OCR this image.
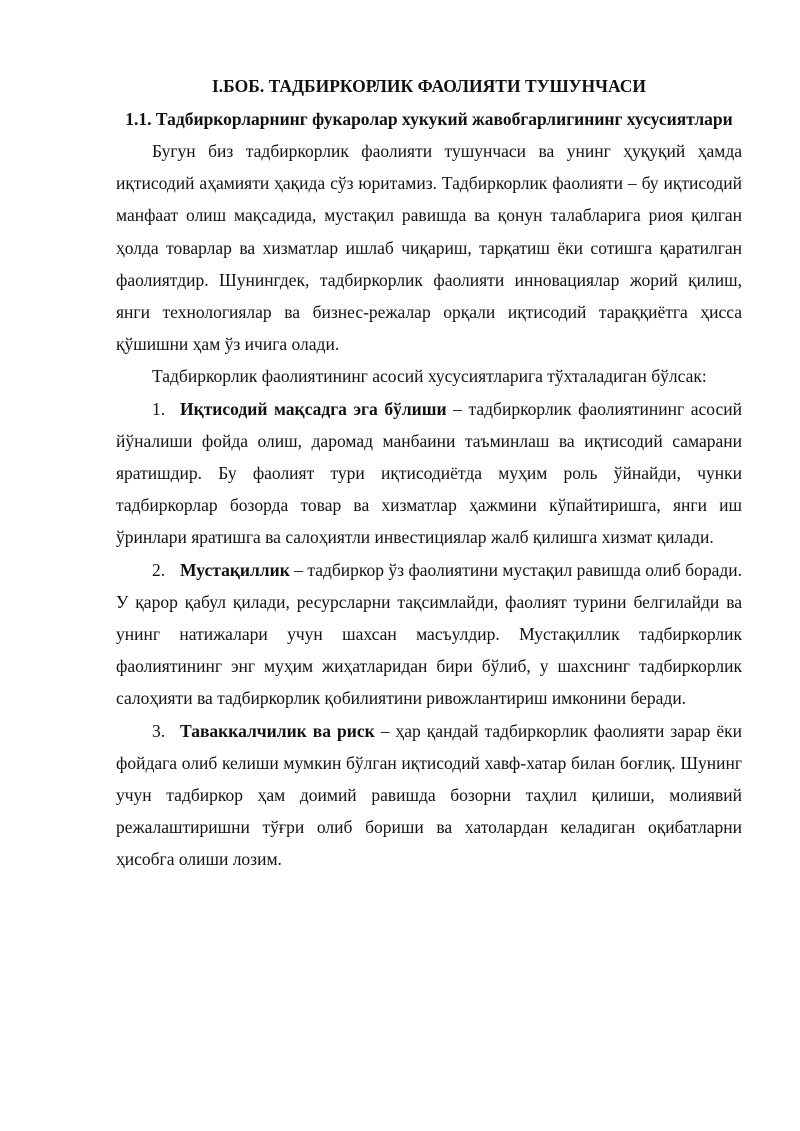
I.БОБ. ТАДБИРКОРЛИК ФАОЛИЯТИ ТУШУНЧАСИ
1.1. Тадбиркорларнинг фукаролар хукукий жавобгарлигининг хусусиятлари

Бугун биз тадбиркорлик фаолияти тушунчаси ва унинг ҳуқуқий ҳамда иқтисодий аҳамияти ҳақида сўз юритамиз. Тадбиркорлик фаолияти – бу иқтисодий манфаат олиш мақсадида, мустақил равишда ва қонун талабларига риоя қилган ҳолда товарлар ва хизматлар ишлаб чиқариш, тарқатиш ёки сотишга қаратилган фаолиятдир. Шунингдек, тадбиркорлик фаолияти инновациялар жорий қилиш, янги технологиялар ва бизнес-режалар орқали иқтисодий тараққиётга ҳисса қўшишни ҳам ўз ичига олади.

Тадбиркорлик фаолиятининг асосий хусусиятларига тўхталадиган бўлсак:

1. Иқтисодий мақсадга эга бўлиши – тадбиркорлик фаолиятининг асосий йўналиши фойда олиш, даромад манбаини таъминлаш ва иқтисодий самарани яратишдир. Бу фаолият тури иқтисодиётда муҳим роль ўйнайди, чунки тадбиркорлар бозорда товар ва хизматлар ҳажмини кўпайтиришга, янги иш ўринлари яратишга ва салоҳиятли инвестициялар жалб қилишга хизмат қилади.

2. Мустақиллик – тадбиркор ўз фаолиятини мустақил равишда олиб боради. У қарор қабул қилади, ресурсларни тақсимлайди, фаолият турини белгилайди ва унинг натижалари учун шахсан масъулдир. Мустақиллик тадбиркорлик фаолиятининг энг муҳим жиҳатларидан бири бўлиб, у шахснинг тадбиркорлик салоҳияти ва тадбиркорлик қобилиятини ривожлантириш имконини беради.

3. Таваккалчилик ва риск – ҳар қандай тадбиркорлик фаолияти зарар ёки фойдага олиб келиши мумкин бўлган иқтисодий хавф-хатар билан боғлиқ. Шунинг учун тадбиркор ҳам доимий равишда бозорни таҳлил қилиши, молиявий режалаштиришни тўғри олиб бориши ва хатолардан келадиган оқибатларни ҳисобга олиши лозим.
